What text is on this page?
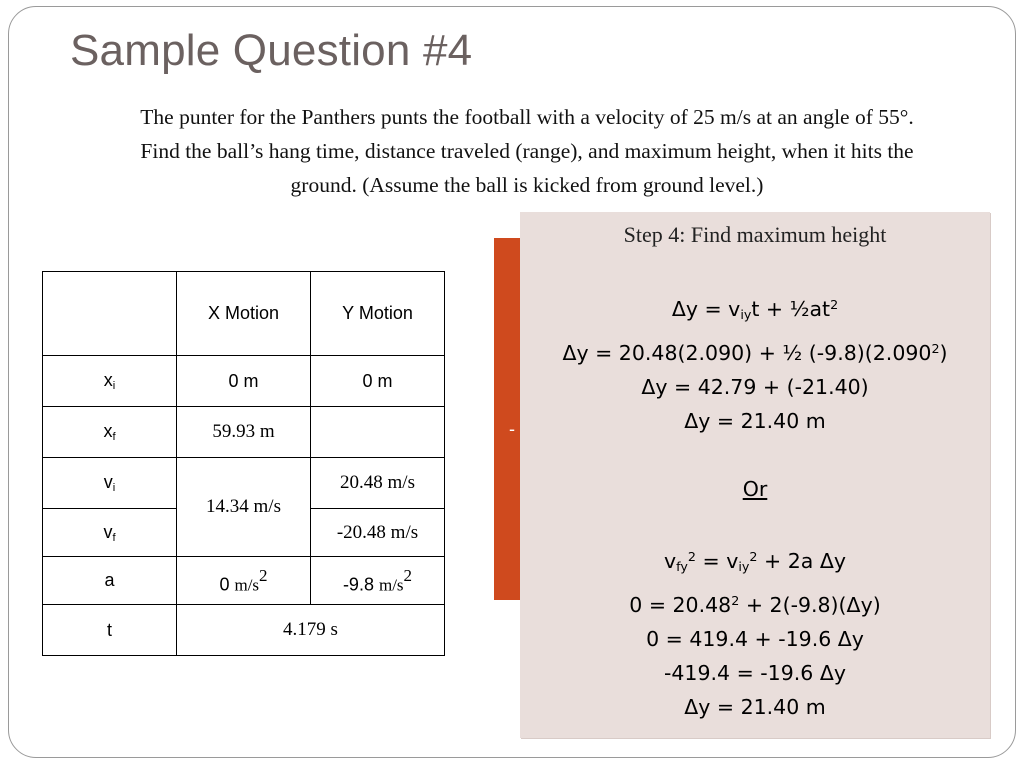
Sample Question #4
The punter for the Panthers punts the football with a velocity of 25 m/s at an angle of 55°.
Find the ball’s hang time, distance traveled (range), and maximum height, when it hits the
ground. (Assume the ball is kicked from ground level.)
	X Motion	Y Motion
$x_i$	0 m	0 m
$x_f$	59.93 m	
$v_i$	14.34 m/s	20.48 m/s
$v_f$		-20.48 m/s
a	0 $m/s^2$	-9.8 $m/s^2$
t	4.179 s	
-
Step 4: Find maximum height
$\Delta y = v_{iy}t$ + $\frac{1}{2}at^2$
Δy = 20.48(2.090) + ½ (-9.8)(2.090$^2$)
Δy = 42.79 + (-21.40)
Δy = 21.40 m
Or
$v_{fy}^2 = v_{iy}^2 + 2a$ Δy
$0 = 20.48^2 + 2(-9.8)(\Delta y)$
0 = 419.4 + -19.6 Δy
-419.4 = -19.6 Δy
Δy = 21.40 m
